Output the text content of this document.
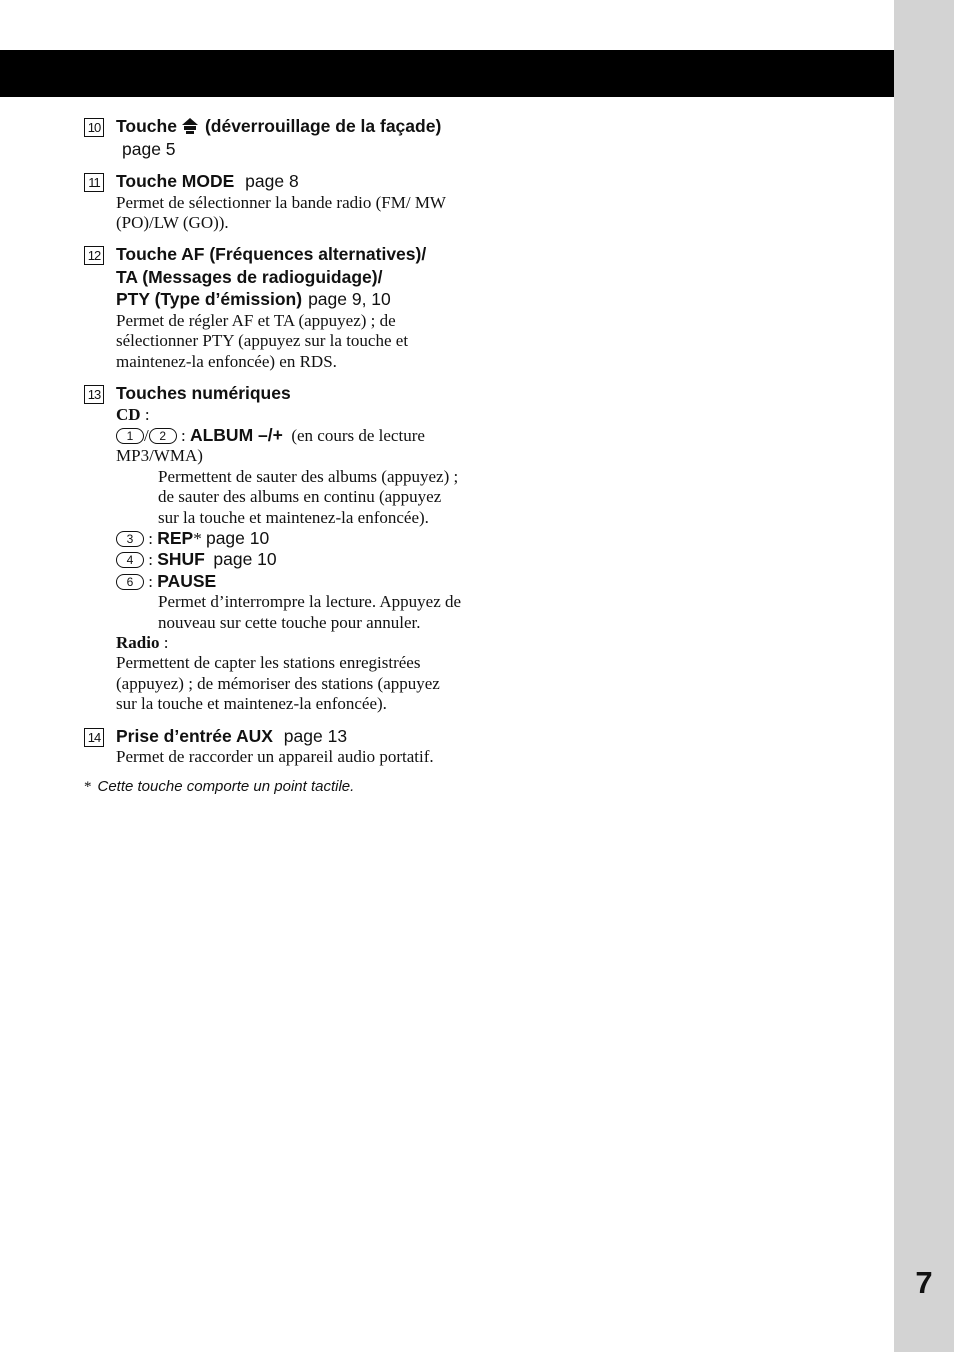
7
10 Touche (déverrouillage de la façade) page 5
11 Touche MODE page 8
Permet de sélectionner la bande radio (FM/ MW (PO)/LW (GO)).
12 Touche AF (Fréquences alternatives)/
TA (Messages de radioguidage)/
PTY (Type d’émission) page 9, 10
Permet de régler AF et TA (appuyez) ; de sélectionner PTY (appuyez sur la touche et maintenez-la enfoncée) en RDS.
13 Touches numériques
CD :
1 / 2 : ALBUM –/+ (en cours de lecture MP3/WMA)
Permettent de sauter des albums (appuyez) ; de sauter des albums en continu (appuyez sur la touche et maintenez-la enfoncée).
3 : REP* page 10
4 : SHUF page 10
6 : PAUSE
Permet d’interrompre la lecture. Appuyez de nouveau sur cette touche pour annuler.
Radio :
Permettent de capter les stations enregistrées (appuyez) ; de mémoriser des stations (appuyez sur la touche et maintenez-la enfoncée).
14 Prise d’entrée AUX page 13
Permet de raccorder un appareil audio portatif.
* Cette touche comporte un point tactile.
